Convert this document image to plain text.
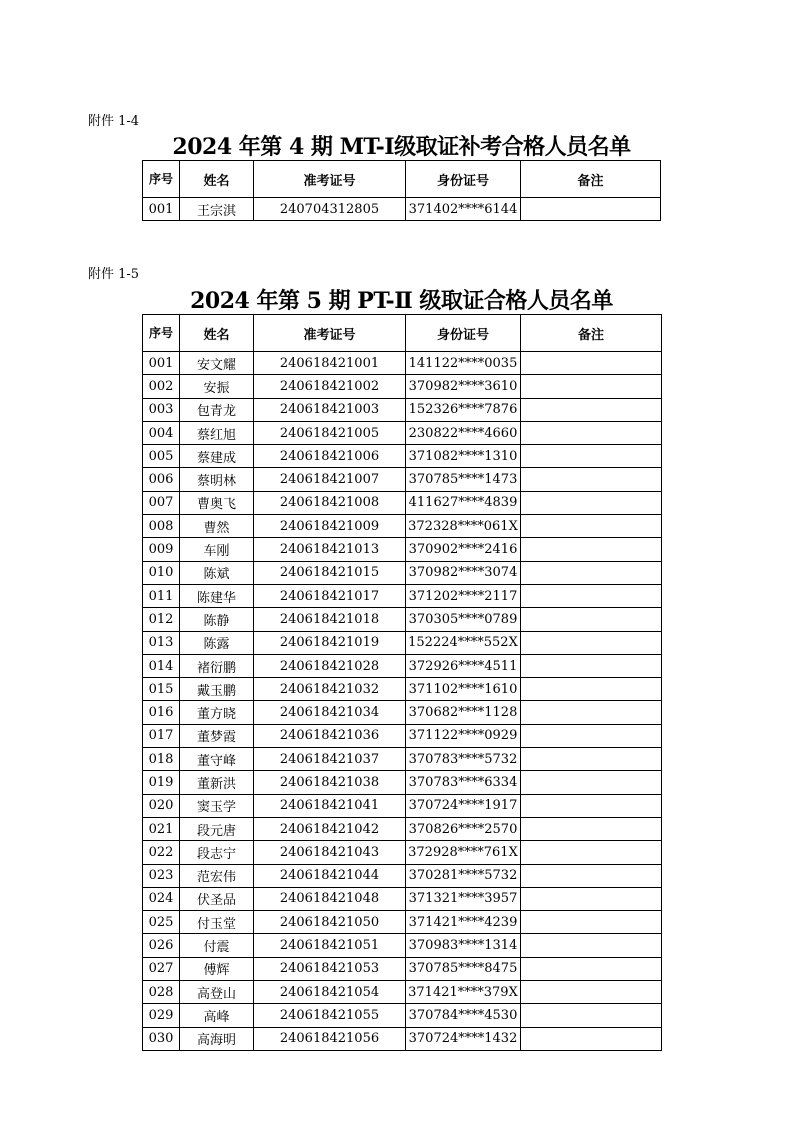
附件 1-4
2024 年第 4 期 MT-Ⅰ级取证补考合格人员名单
序号	姓名	准考证号	身份证号	备注
001	王宗淇	240704312805	371402****6144	
附件 1-5
2024 年第 5 期 PT-Ⅱ 级取证合格人员名单
序号	姓名	准考证号	身份证号	备注
001	安文耀	240618421001	141122****0035	
002	安振	240618421002	370982****3610	
003	包青龙	240618421003	152326****7876	
004	蔡红旭	240618421005	230822****4660	
005	蔡建成	240618421006	371082****1310	
006	蔡明林	240618421007	370785****1473	
007	曹奥飞	240618421008	411627****4839	
008	曹然	240618421009	372328****061X	
009	车刚	240618421013	370902****2416	
010	陈斌	240618421015	370982****3074	
011	陈建华	240618421017	371202****2117	
012	陈静	240618421018	370305****0789	
013	陈露	240618421019	152224****552X	
014	褚衍鹏	240618421028	372926****4511	
015	戴玉鹏	240618421032	371102****1610	
016	董方晓	240618421034	370682****1128	
017	董梦霞	240618421036	371122****0929	
018	董守峰	240618421037	370783****5732	
019	董新洪	240618421038	370783****6334	
020	窦玉学	240618421041	370724****1917	
021	段元唐	240618421042	370826****2570	
022	段志宁	240618421043	372928****761X	
023	范宏伟	240618421044	370281****5732	
024	伏圣品	240618421048	371321****3957	
025	付玉堂	240618421050	371421****4239	
026	付震	240618421051	370983****1314	
027	傅辉	240618421053	370785****8475	
028	高登山	240618421054	371421****379X	
029	高峰	240618421055	370784****4530	
030	高海明	240618421056	370724****1432	
